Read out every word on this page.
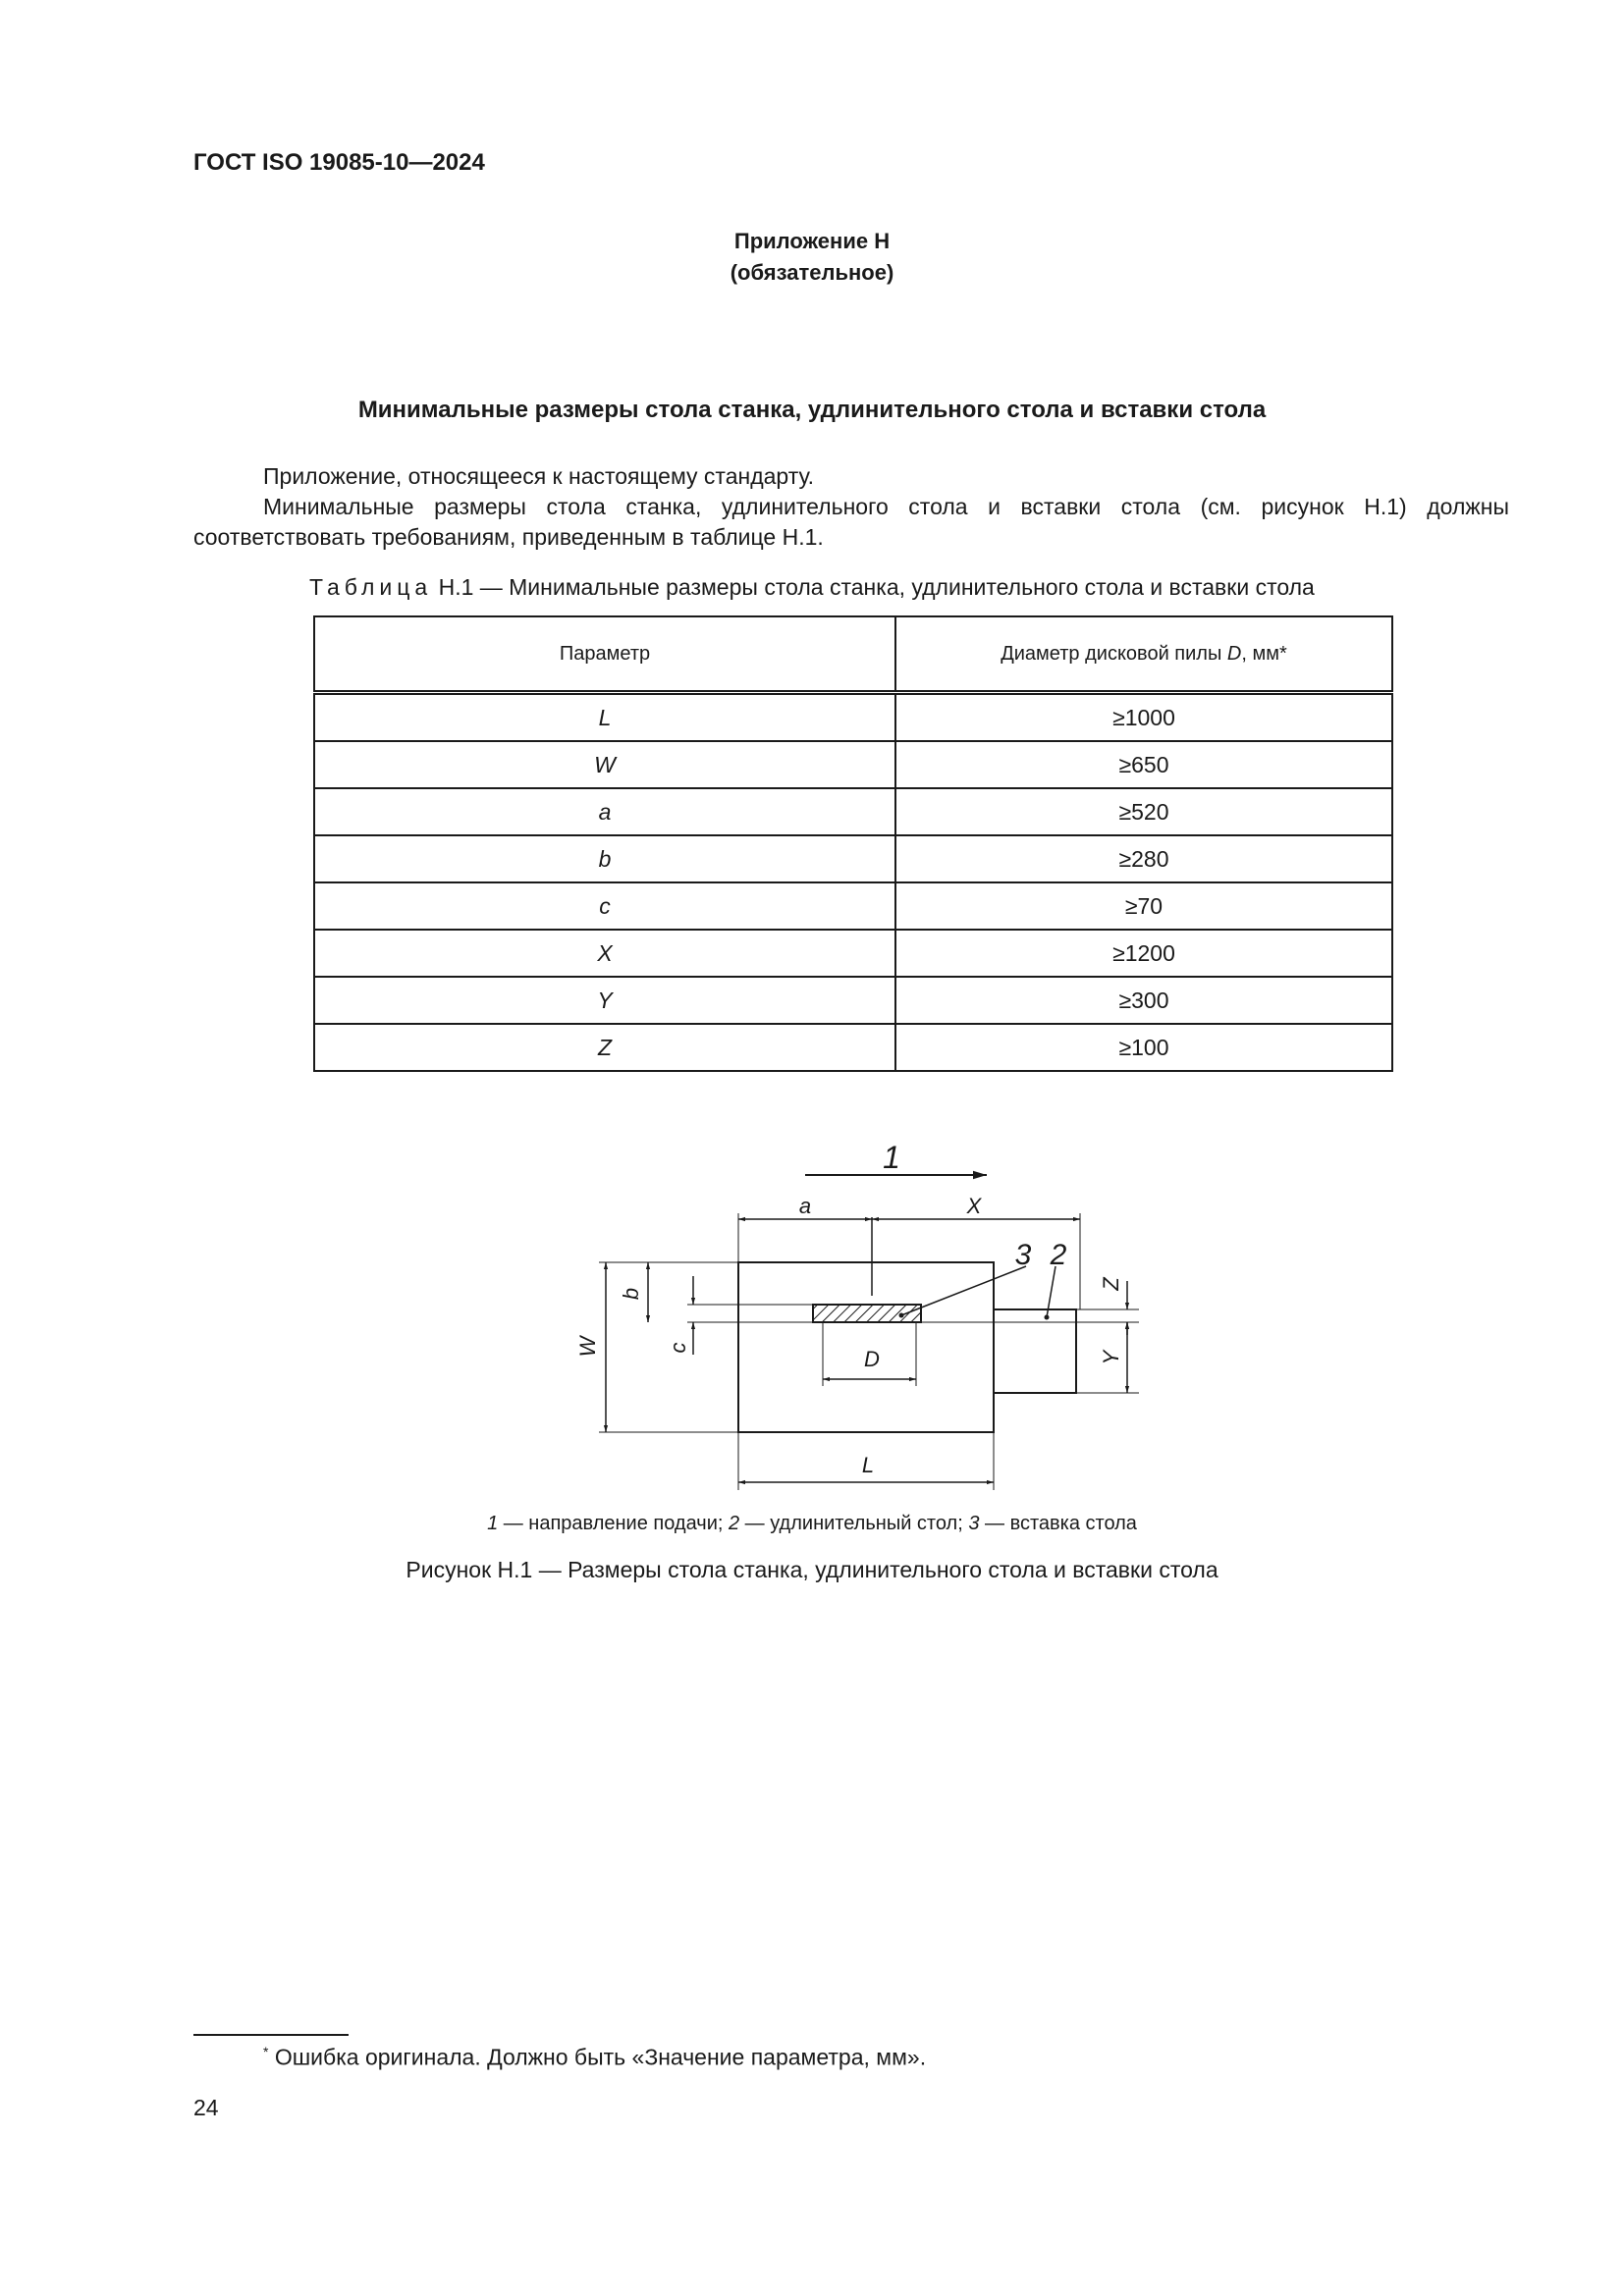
ГОСТ ISO 19085-10—2024
Приложение Н
(обязательное)
Минимальные размеры стола станка, удлинительного стола и вставки стола
Приложение, относящееся к настоящему стандарту.
Минимальные размеры стола станка, удлинительного стола и вставки стола (см. рисунок Н.1) должны соответствовать требованиям, приведенным в таблице Н.1.
Таблица Н.1 — Минимальные размеры стола станка, удлинительного стола и вставки стола
Параметр	Диаметр дисковой пилы D, мм*
L	≥1000
W	≥650
a	≥520
b	≥280
c	≥70
X	≥1200
Y	≥300
Z	≥100
1
3 2
a	X
D
L
W
b
c
Z
Y
1 — направление подачи; 2 — удлинительный стол; 3 — вставка стола
Рисунок Н.1 — Размеры стола станка, удлинительного стола и вставки стола
* Ошибка оригинала. Должно быть «Значение параметра, мм».
24
